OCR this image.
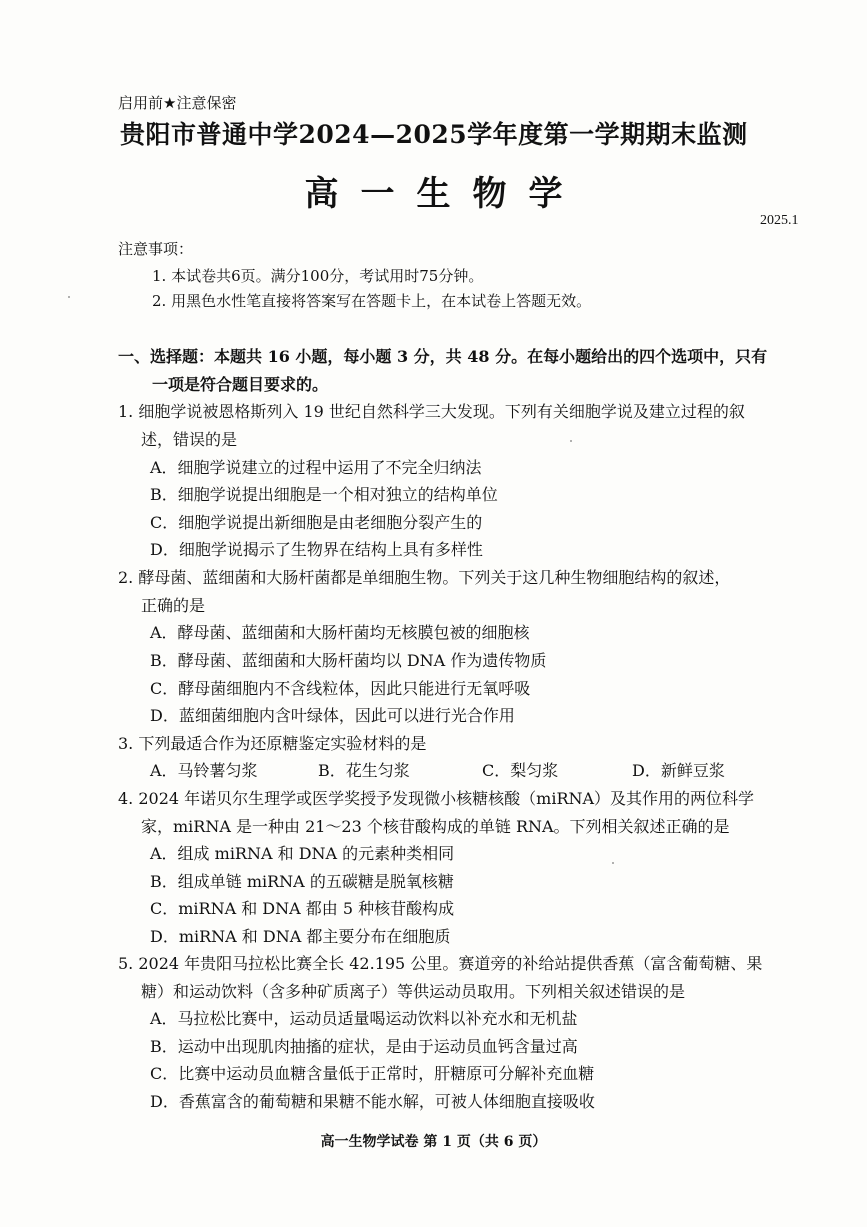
启用前★注意保密
贵阳市普通中学2024—2025学年度第一学期期末监测
高一生物学
2025.1
注意事项：
1. 本试卷共6页。满分100分，考试用时75分钟。
2. 用黑色水性笔直接将答案写在答题卡上，在本试卷上答题无效。
一、选择题：本题共 16 小题，每小题 3 分，共 48 分。在每小题给出的四个选项中，只有
一项是符合题目要求的。
1. 细胞学说被恩格斯列入 19 世纪自然科学三大发现。下列有关细胞学说及建立过程的叙
述，错误的是
A．细胞学说建立的过程中运用了不完全归纳法
B．细胞学说提出细胞是一个相对独立的结构单位
C．细胞学说提出新细胞是由老细胞分裂产生的
D．细胞学说揭示了生物界在结构上具有多样性
2. 酵母菌、蓝细菌和大肠杆菌都是单细胞生物。下列关于这几种生物细胞结构的叙述，
正确的是
A．酵母菌、蓝细菌和大肠杆菌均无核膜包被的细胞核
B．酵母菌、蓝细菌和大肠杆菌均以 DNA 作为遗传物质
C．酵母菌细胞内不含线粒体，因此只能进行无氧呼吸
D．蓝细菌细胞内含叶绿体，因此可以进行光合作用
3. 下列最适合作为还原糖鉴定实验材料的是
A．马铃薯匀浆	B．花生匀浆	C．梨匀浆	D．新鲜豆浆
4. 2024 年诺贝尔生理学或医学奖授予发现微小核糖核酸（miRNA）及其作用的两位科学
家，miRNA 是一种由 21～23 个核苷酸构成的单链 RNA。下列相关叙述正确的是
A．组成 miRNA 和 DNA 的元素种类相同
B．组成单链 miRNA 的五碳糖是脱氧核糖
C．miRNA 和 DNA 都由 5 种核苷酸构成
D．miRNA 和 DNA 都主要分布在细胞质
5. 2024 年贵阳马拉松比赛全长 42.195 公里。赛道旁的补给站提供香蕉（富含葡萄糖、果
糖）和运动饮料（含多种矿质离子）等供运动员取用。下列相关叙述错误的是
A．马拉松比赛中，运动员适量喝运动饮料以补充水和无机盐
B．运动中出现肌肉抽搐的症状，是由于运动员血钙含量过高
C．比赛中运动员血糖含量低于正常时，肝糖原可分解补充血糖
D．香蕉富含的葡萄糖和果糖不能水解，可被人体细胞直接吸收
高一生物学试卷 第 1 页（共 6 页）
